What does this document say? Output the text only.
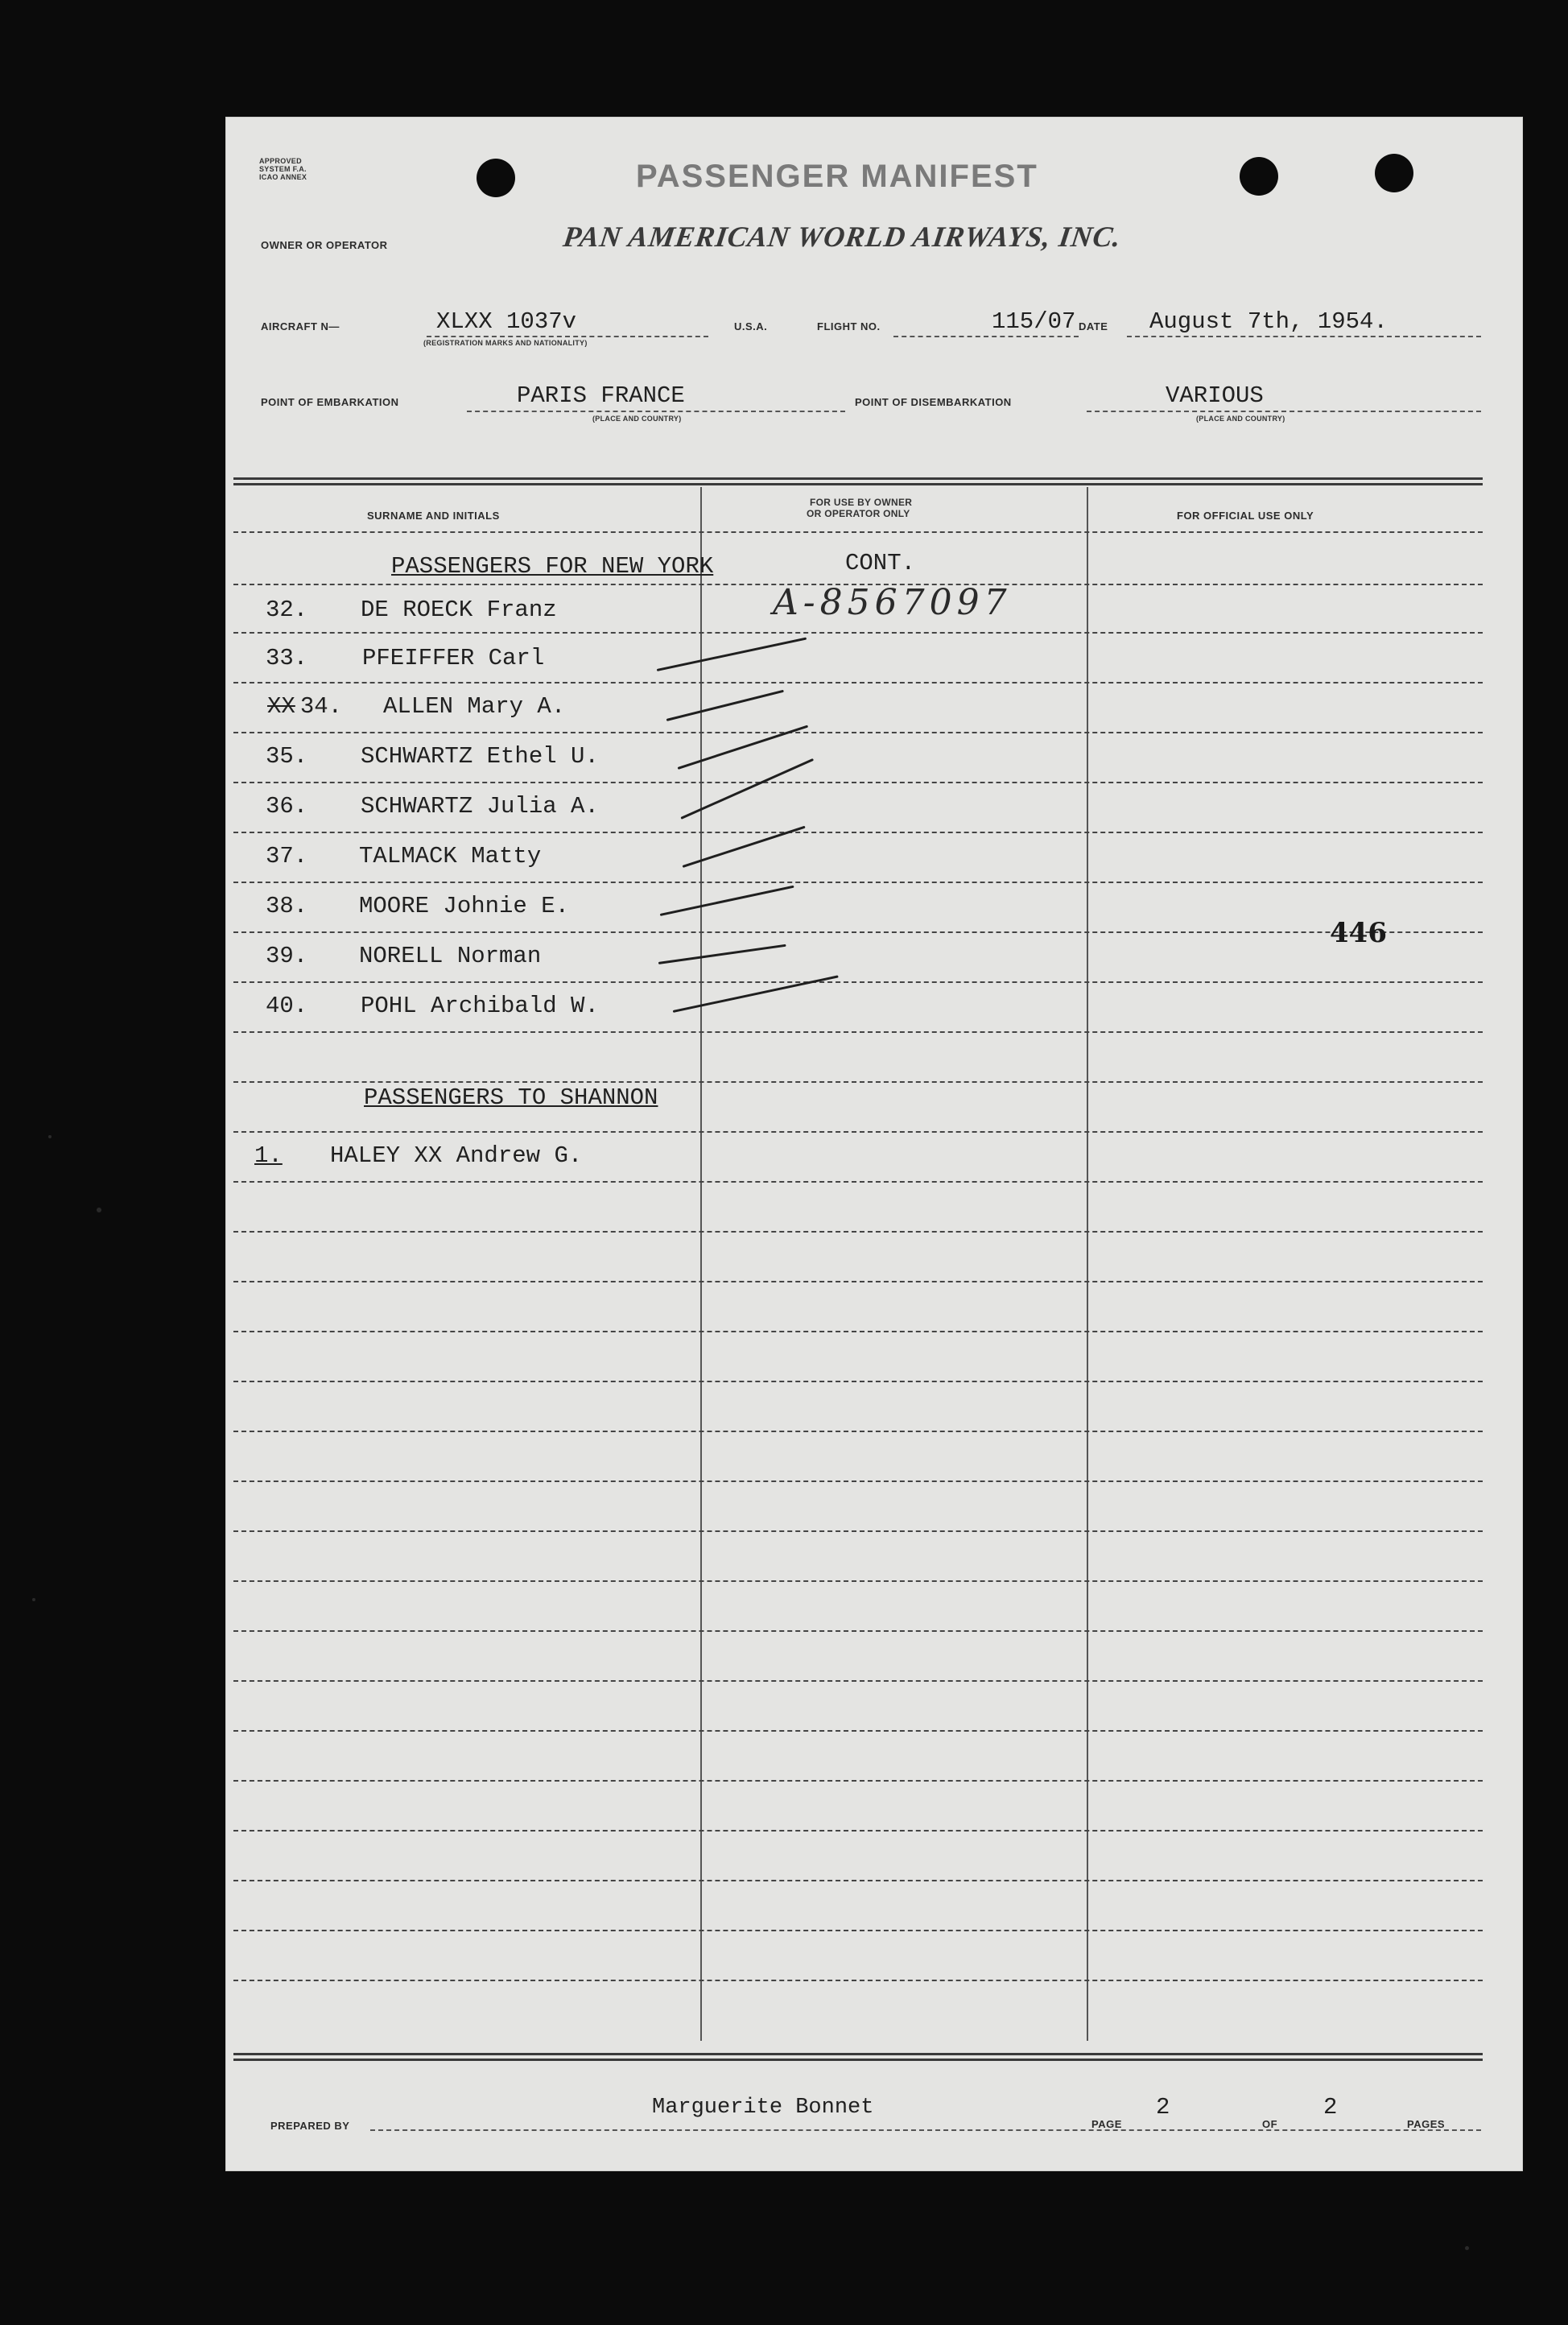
APPROVED
SYSTEM F.A.
ICAO ANNEX	PASSENGER MANIFEST
OWNER OR OPERATOR	PAN AMERICAN WORLD AIRWAYS, INC.
AIRCRAFT N—	XLXX 1037v
(REGISTRATION MARKS AND NATIONALITY)
U.S.A.	FLIGHT NO.	115/07 DATE August 7th, 1954.
POINT OF EMBARKATION	PARIS FRANCE
(PLACE AND COUNTRY)
POINT OF DISEMBARKATION	VARIOUS
(PLACE AND COUNTRY)
SURNAME AND INITIALS
FOR USE BY OWNER
OR OPERATOR ONLY	FOR OFFICIAL USE ONLY
PASSENGERS FOR NEW YORK	CONT.
A-8567097
32. DE ROECK Franz
33. PFEIFFER Carl
XX 34. ALLEN Mary A.
35. SCHWARTZ Ethel U.
36. SCHWARTZ Julia A.
37. TALMACK Matty
38. MOORE Johnie E.
39. NORELL Norman
40. POHL Archibald W.
446
PASSENGERS TO SHANNON
1. HALEY XX Andrew G.
PREPARED BY
Marguerite Bonnet
PAGE
2
OF
2
PAGES
